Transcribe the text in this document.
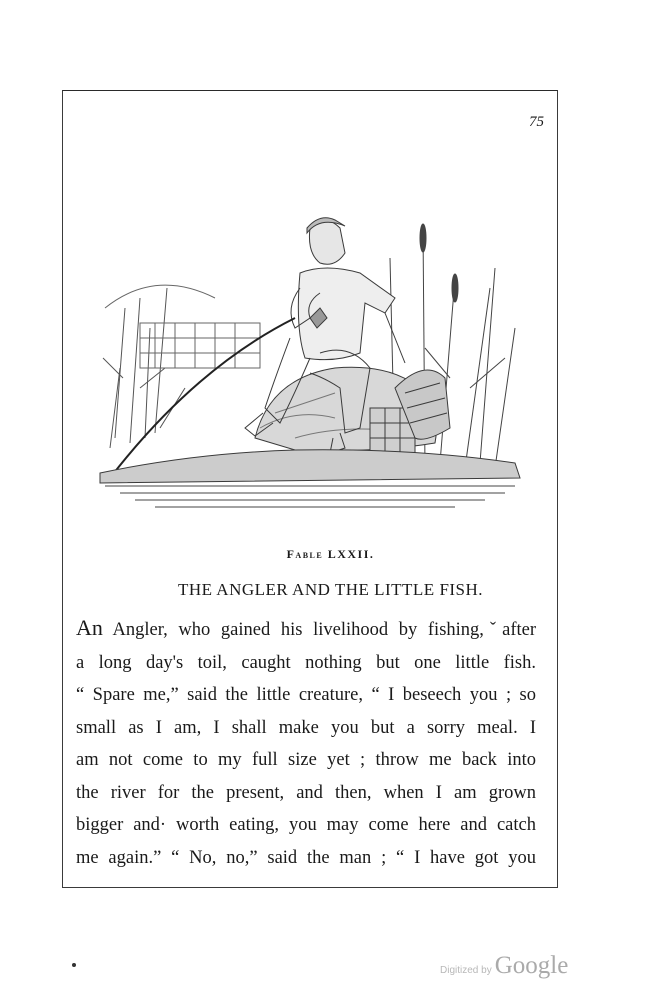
75
Fable LXXII.
THE ANGLER AND THE LITTLE FISH.
An Angler, who gained his livelihood by fishing,ˇafter
a long day's toil, caught nothing but one little fish.
“ Spare me,” said the little creature, “ I beseech you ; so
small as I am, I shall make you but a sorry meal. I
am not come to my full size yet ; throw me back into
the river for the present, and then, when I am grown
bigger and· worth eating, you may come here and catch
me again.” “ No, no,” said the man ; “ I have got you
Digitized by Google
